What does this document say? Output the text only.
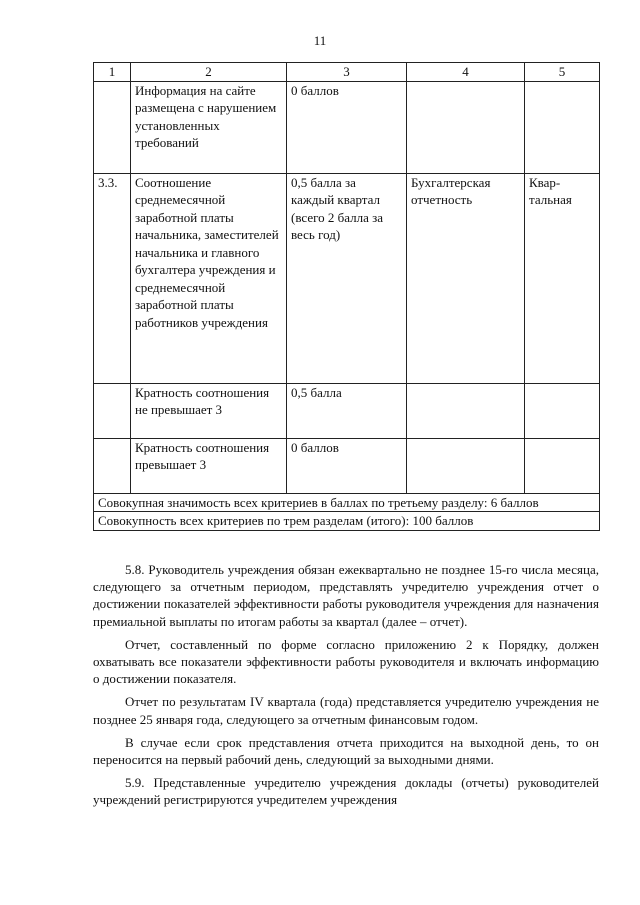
11
1	2	3	4	5
	Информация на сайте размещена с нарушением установленных требований	0 баллов		
3.3.	Соотношение среднемесячной заработной платы начальника, заместителей начальника и главного бухгалтера учреждения и среднемесячной заработной платы работников учреждения	0,5 балла за каждый квартал (всего 2 балла за весь год)	Бухгалтерская отчетность	Квар-тальная
	Кратность соотношения не превышает 3	0,5 балла		
	Кратность соотношения превышает 3	0 баллов		
Совокупная значимость всех критериев в баллах по третьему разделу: 6 баллов				
Совокупность всех критериев по трем разделам (итого): 100 баллов				

5.8. Руководитель учреждения обязан ежеквартально не позднее 15-го числа месяца, следующего за отчетным периодом, представлять учредителю учреждения отчет о достижении показателей эффективности работы руководителя учреждения для назначения премиальной выплаты по итогам работы за квартал (далее – отчет).

Отчет, составленный по форме согласно приложению 2 к Порядку, должен охватывать все показатели эффективности работы руководителя и включать информацию о достижении показателя.

Отчет по результатам IV квартала (года) представляется учредителю учреждения не позднее 25 января года, следующего за отчетным финансовым годом.

В случае если срок представления отчета приходится на выходной день, то он переносится на первый рабочий день, следующий за выходными днями.

5.9. Представленные учредителю учреждения доклады (отчеты) руководителей учреждений регистрируются учредителем учреждения
